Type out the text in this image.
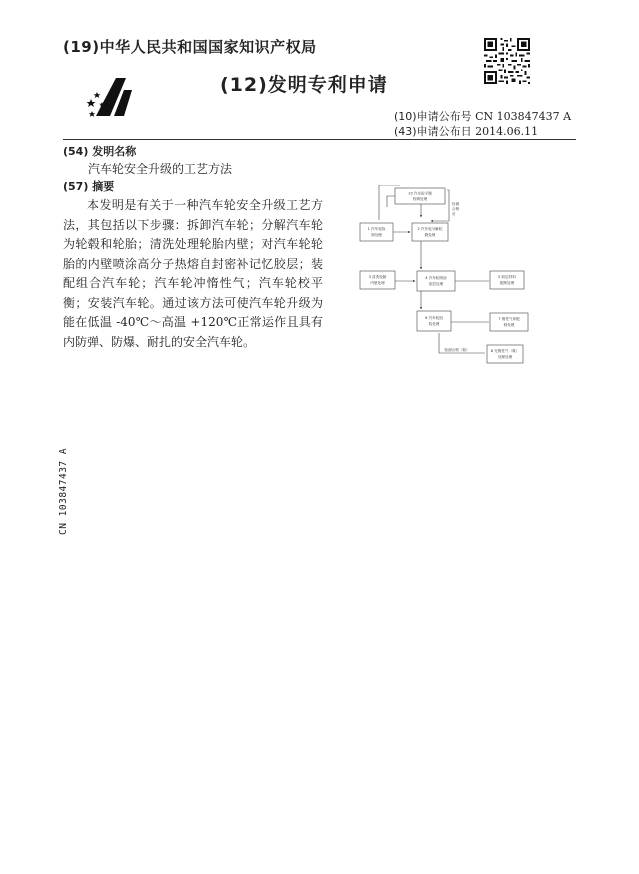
(19)中华人民共和国国家知识产权局
(12)发明专利申请
(10)申请公布号 CN 103847437 A
(43)申请公布日 2014.06.11
(54) 发明名称
汽车轮安全升级的工艺方法
(57) 摘要

本发明是有关于一种汽车轮安全升级工艺方法，其包括以下步骤：拆卸汽车轮；分解汽车轮为轮毂和轮胎；清洗处理轮胎内壁；对汽车轮轮胎的内壁喷涂高分子热熔自封密补记忆胶层；装配组合汽车轮；汽车轮冲惰性气；汽车轮校平衡；安装汽车轮。通过该方法可使汽车轮升级为能在低温 -40℃～高温 +120℃正常运作且具有内防弹、防爆、耐扎的安全汽车轮。

CN 103847437 A
10 汽车轮平衡
校调处理
1 汽车轮拆
卸处理
2 汽车轮分解轮
毂处理
检测
合格
后
3 清洗轮胎
内壁处理
4 汽车轮喷涂
胶层处理
5 胶层材料
配制处理
6 汽车轮组
装处理
7 惰性气体配
制处理
检测合格（氮）	8 充惰性气（氮）
处理处理
